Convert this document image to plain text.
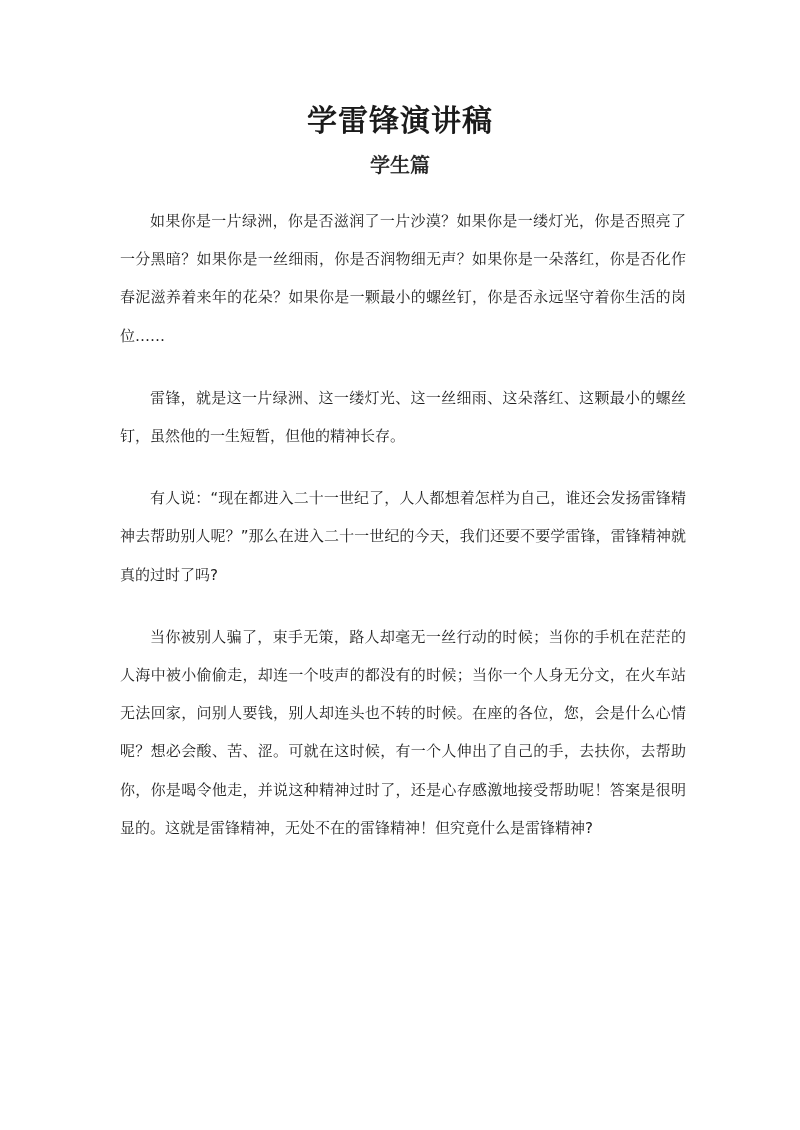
学雷锋演讲稿
学生篇

如果你是一片绿洲，你是否滋润了一片沙漠？如果你是一缕灯光，你是否照亮了一分黑暗？如果你是一丝细雨，你是否润物细无声？如果你是一朵落红，你是否化作春泥滋养着来年的花朵？如果你是一颗最小的螺丝钉，你是否永远坚守着你生活的岗位……

雷锋，就是这一片绿洲、这一缕灯光、这一丝细雨、这朵落红、这颗最小的螺丝钉，虽然他的一生短暂，但他的精神长存。

有人说：“现在都进入二十一世纪了，人人都想着怎样为自己，谁还会发扬雷锋精神去帮助别人呢？”那么在进入二十一世纪的今天，我们还要不要学雷锋，雷锋精神就真的过时了吗?

当你被别人骗了，束手无策，路人却毫无一丝行动的时候；当你的手机在茫茫的人海中被小偷偷走，却连一个吱声的都没有的时候；当你一个人身无分文，在火车站无法回家，问别人要钱，别人却连头也不转的时候。在座的各位，您，会是什么心情呢？想必会酸、苦、涩。可就在这时候，有一个人伸出了自己的手，去扶你，去帮助你，你是喝令他走，并说这种精神过时了，还是心存感激地接受帮助呢！答案是很明显的。这就是雷锋精神，无处不在的雷锋精神！但究竟什么是雷锋精神?
